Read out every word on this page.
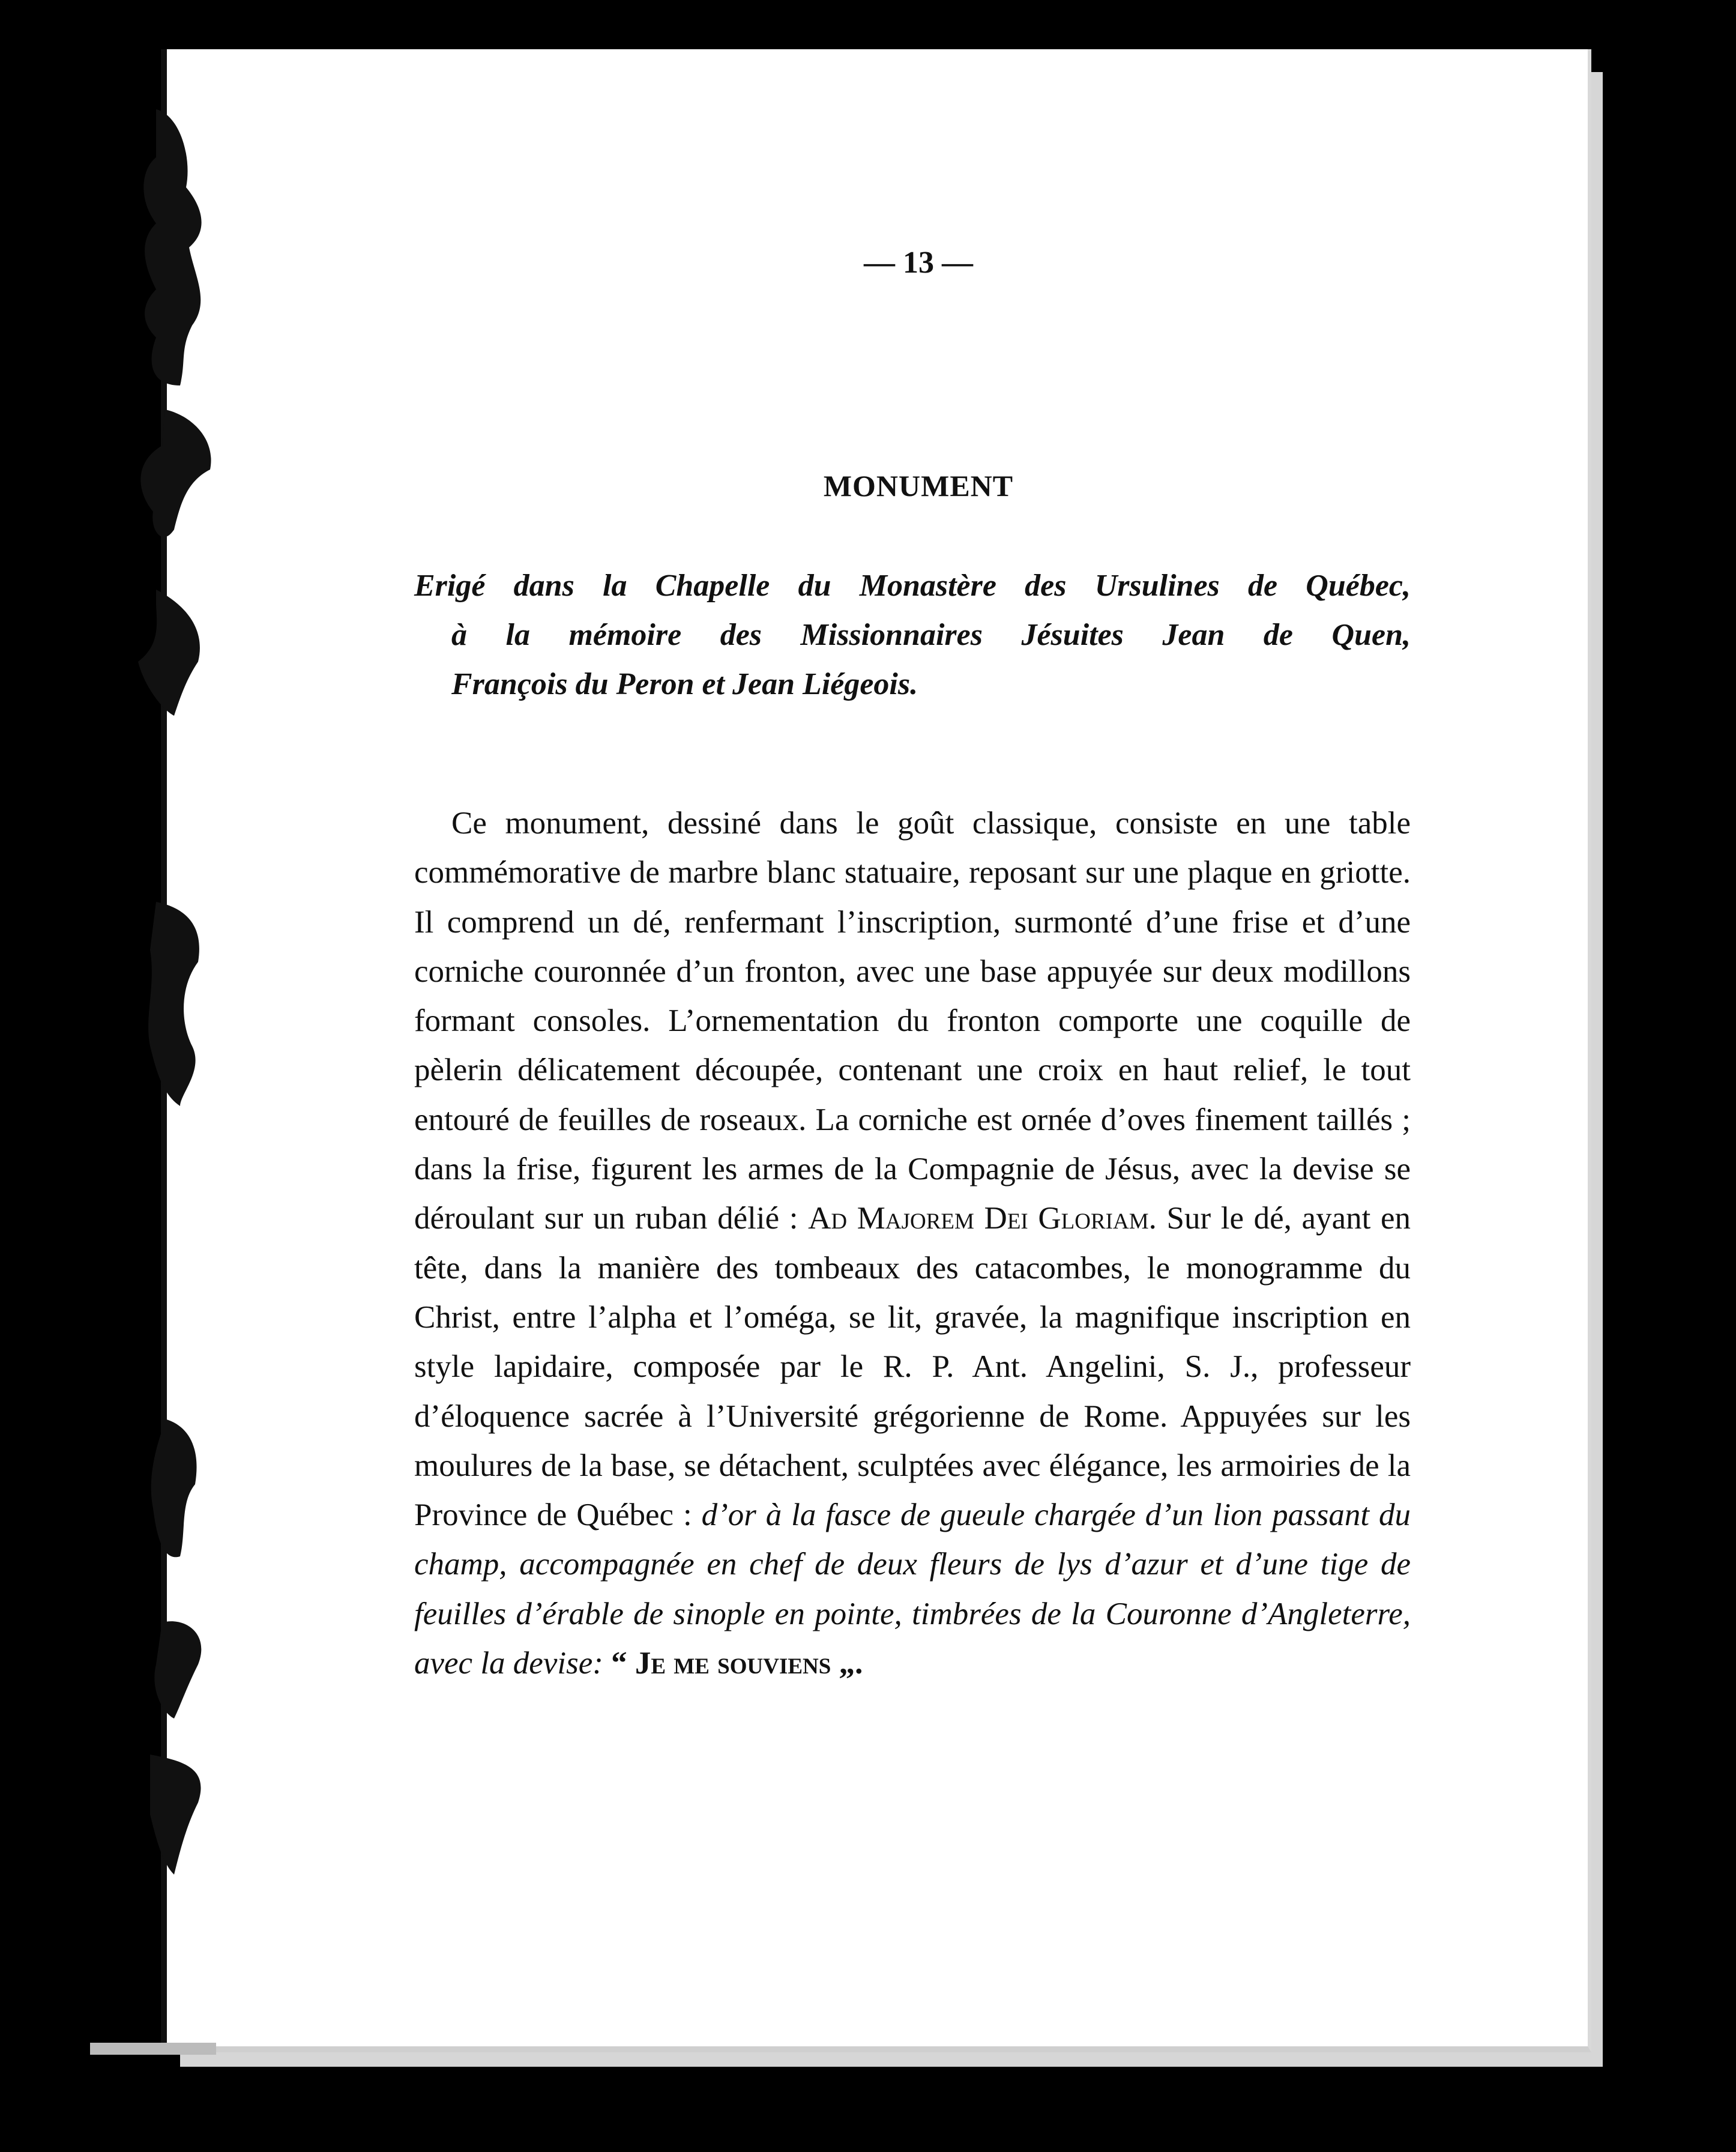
— 13 —
MONUMENT
Erigé dans la Chapelle du Monastère des Ursulines de Québec,
à la mémoire des Missionnaires Jésuites Jean de Quen,
François du Peron et Jean Liégeois.
Ce monument, dessiné dans le goût classique, consiste en une table commémorative de marbre blanc statuaire, reposant sur une plaque en griotte. Il comprend un dé, renfermant l’inscription, surmonté d’une frise et d’une corniche couronnée d’un fronton, avec une base appuyée sur deux modillons formant consoles. L’ornementation du fronton comporte une coquille de pèlerin délicatement découpée, contenant une croix en haut relief, le tout entouré de feuilles de roseaux. La corniche est ornée d’oves finement taillés ; dans la frise, figurent les armes de la Compagnie de Jésus, avec la devise se déroulant sur un ruban délié : Ad Majorem Dei Gloriam. Sur le dé, ayant en tête, dans la manière des tombeaux des catacombes, le monogramme du Christ, entre l’alpha et l’oméga, se lit, gravée, la magnifique inscription en style lapidaire, composée par le R. P. Ant. Angelini, S. J., professeur d’éloquence sacrée à l’Université grégorienne de Rome. Appuyées sur les moulures de la base, se détachent, sculptées avec élégance, les armoiries de la Province de Québec : d’or à la fasce de gueule chargée d’un lion passant du champ, accompagnée en chef de deux fleurs de lys d’azur et d’une tige de feuilles d’érable de sinople en pointe, timbrées de la Couronne d’Angleterre, avec la devise: “ Je me souviens „.
